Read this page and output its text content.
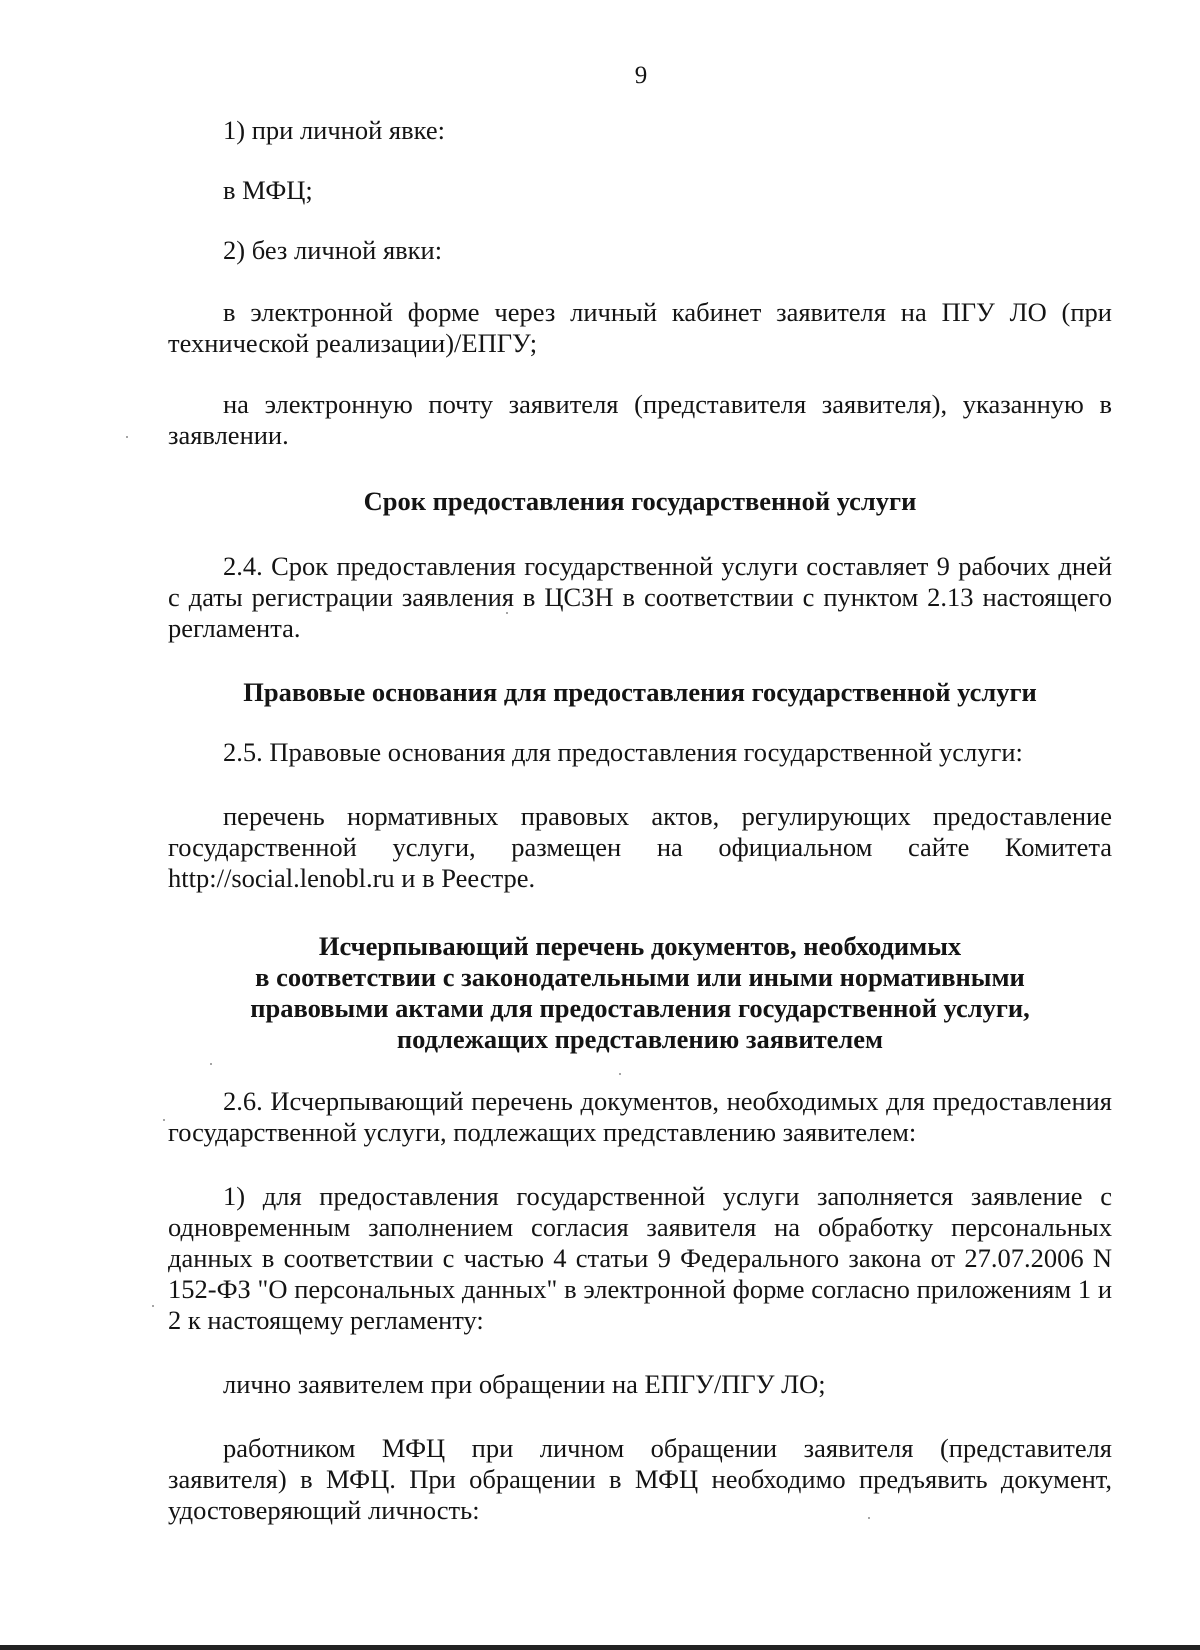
9

1) при личной явке:

в МФЦ;

2) без личной явки:

в электронной форме через личный кабинет заявителя на ПГУ ЛО (при технической реализации)/ЕПГУ;

на электронную почту заявителя (представителя заявителя), указанную в заявлении.

Срок предоставления государственной услуги

2.4. Срок предоставления государственной услуги составляет 9 рабочих дней с даты регистрации заявления в ЦСЗН в соответствии с пунктом 2.13 настоящего регламента.

Правовые основания для предоставления государственной услуги

2.5. Правовые основания для предоставления государственной услуги:

перечень нормативных правовых актов, регулирующих предоставление государственной услуги, размещен на официальном сайте Комитета http://social.lenobl.ru и в Реестре.

Исчерпывающий перечень документов, необходимых
в соответствии с законодательными или иными нормативными
правовыми актами для предоставления государственной услуги,
подлежащих представлению заявителем

2.6. Исчерпывающий перечень документов, необходимых для предоставления государственной услуги, подлежащих представлению заявителем:

1) для предоставления государственной услуги заполняется заявление с одновременным заполнением согласия заявителя на обработку персональных данных в соответствии с частью 4 статьи 9 Федерального закона от 27.07.2006 N 152-ФЗ "О персональных данных" в электронной форме согласно приложениям 1 и 2 к настоящему регламенту:

лично заявителем при обращении на ЕПГУ/ПГУ ЛО;

работником МФЦ при личном обращении заявителя (представителя заявителя) в МФЦ. При обращении в МФЦ необходимо предъявить документ, удостоверяющий личность:
